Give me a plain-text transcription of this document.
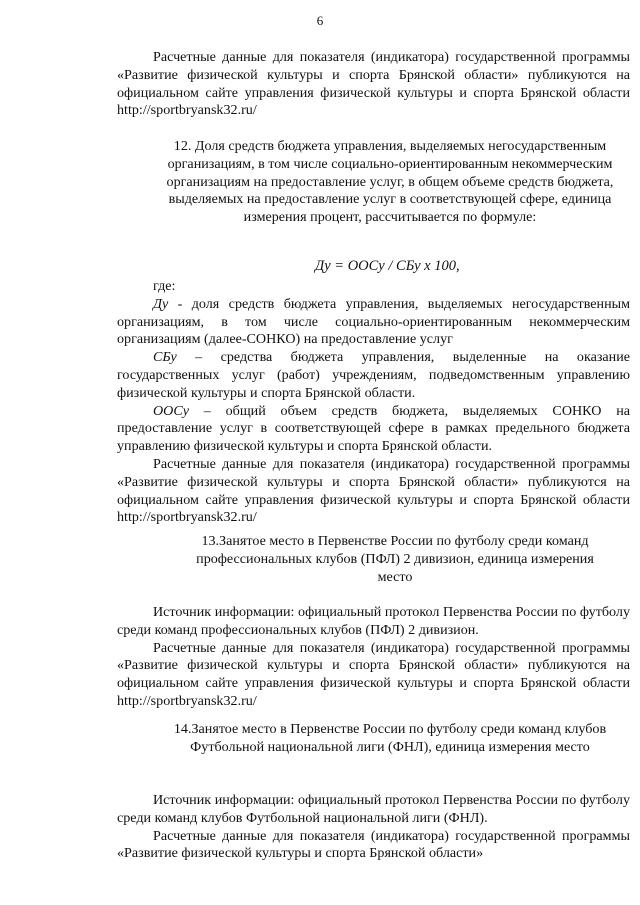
6

Расчетные данные для показателя (индикатора) государственной программы «Развитие физической культуры и спорта Брянской области» публикуются на официальном сайте управления физической культуры и спорта Брянской области http://sportbryansk32.ru/

12. Доля средств бюджета управления, выделяемых негосударственным организациям, в том числе социально-ориентированным некоммерческим организациям на предоставление услуг, в общем объеме средств бюджета, выделяемых на предоставление услуг в соответствующей сфере, единица измерения процент, рассчитывается по формуле:

Ду = ООСу / СБу x 100,

где:

Ду - доля средств бюджета управления, выделяемых негосударственным организациям, в том числе социально-ориентированным некоммерческим организациям (далее-СОНКО) на предоставление услуг

СБу – средства бюджета управления, выделенные на оказание государственных услуг (работ) учреждениям, подведомственным управлению физической культуры и спорта Брянской области.

ООСу – общий объем средств бюджета, выделяемых СОНКО на предоставление услуг в соответствующей сфере в рамках предельного бюджета управлению физической культуры и спорта Брянской области.

Расчетные данные для показателя (индикатора) государственной программы «Развитие физической культуры и спорта Брянской области» публикуются на официальном сайте управления физической культуры и спорта Брянской области http://sportbryansk32.ru/

13.Занятое место в Первенстве России по футболу среди команд профессиональных клубов (ПФЛ) 2 дивизион, единица измерения место

Источник информации: официальный протокол Первенства России по футболу среди команд профессиональных клубов (ПФЛ) 2 дивизион.

Расчетные данные для показателя (индикатора) государственной программы «Развитие физической культуры и спорта Брянской области» публикуются на официальном сайте управления физической культуры и спорта Брянской области http://sportbryansk32.ru/

14.Занятое место в Первенстве России по футболу среди команд клубов Футбольной национальной лиги (ФНЛ), единица измерения место

Источник информации: официальный протокол Первенства России по футболу среди команд клубов Футбольной национальной лиги (ФНЛ).

Расчетные данные для показателя (индикатора) государственной программы «Развитие физической культуры и спорта Брянской области»
